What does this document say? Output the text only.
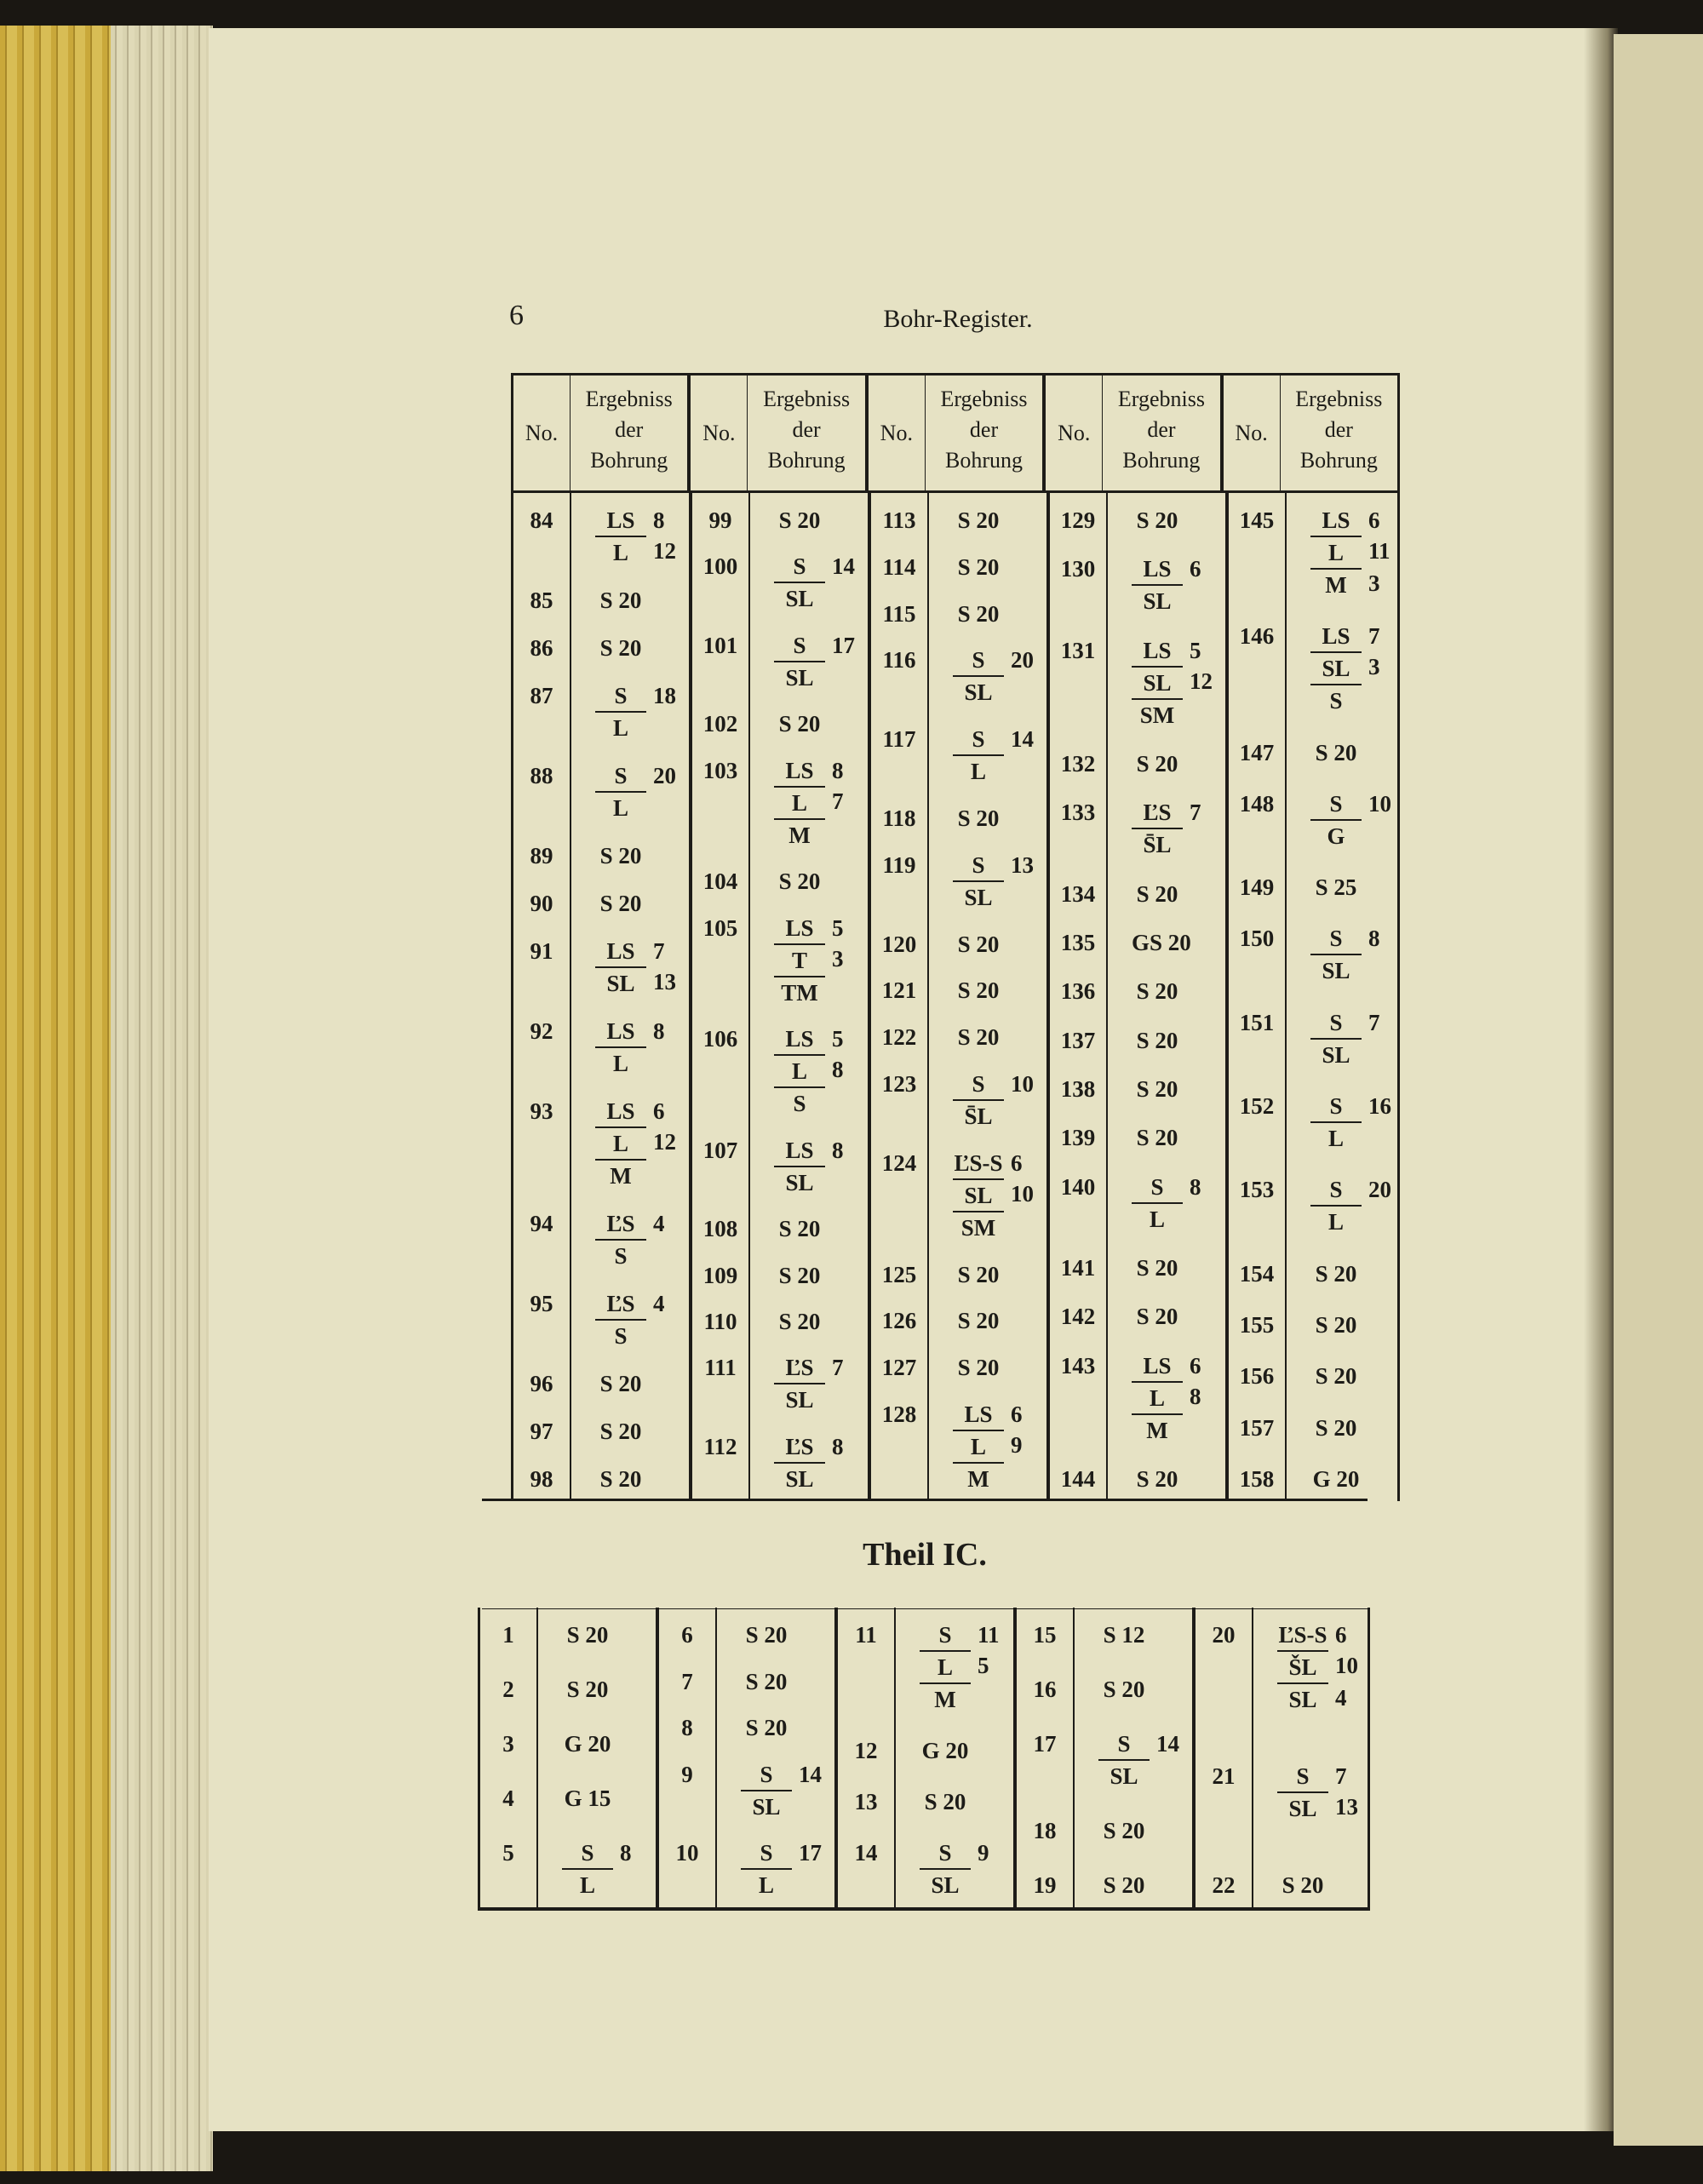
6	Bohr-Register.
No.
Ergebniss
der
Bohrung
No.
Ergebniss
der
Bohrung
No.
Ergebniss
der
Bohrung
No.
Ergebniss
der
Bohrung
No.
Ergebniss
der
Bohrung
84	LS 8
L	12
85	S 20
86	S 20
87	S	18
L
88	S	20
L
89	S 20
90	S 20
91	LS 7
SL 13
92	LS 8
L
93	LS 6
L	12
M
94	ĽS 4
S
95	ĽS 4
S
96	S 20
97	S 20
98	S 20
99	S 20
100	S	14
SL
101	S	17
SL
102	S 20
103	LS 8
L	7
M
104	S 20
105	LS 5
T	3
TM
106	LS 5
L	8
S
107	LS 8
SL
108	S 20
109	S 20
110	S 20
111	ĽS 7
SL
112	ĽS 8
SL
113	S 20
114	S 20
115	S 20
116	S	20
SL
117	S	14
L
118	S 20
119	S	13
SL
120	S 20
121	S 20
122	S 20
123	S	10
S̄L
124	ĽS-S 6
SL 10
SM
125	S 20
126	S 20
127	S 20
128	LS 6
L	9
M
129	S 20
130	LS 6
SL
131	LS 5
SL 12
SM
132	S 20
133	ĽS 7
S̄L
134	S 20
135	GS 20
136	S 20
137	S 20
138	S 20
139	S 20
140	S	8
L
141	S 20
142	S 20
143	LS 6
L	8
M
144	S 20
145	LS 6
L	11
M 3
146	LS 7
SL 3
S
147	S 20
148	S	10
G
149	S 25
150	S	8
SL
151	S	7
SL
152	S	16
L
153	S	20
L
154	S 20
155	S 20
156	S 20
157	S 20
158	G 20
Theil IC.
1	S 20
2	S 20
3	G 20
4	G 15
5	S	8
L
6	S 20
7	S 20
8	S 20
9	S	14
SL
10	S	17
L
11	S	11
L	5
M
12	G 20
13	S 20
14	S	9
SL
15	S 12
16	S 20
17	S	14
SL
18	S 20
19	S 20
20	ĽS-S 6
ŠL 10
SL 4
21	S	7
SL 13
22	S 20
